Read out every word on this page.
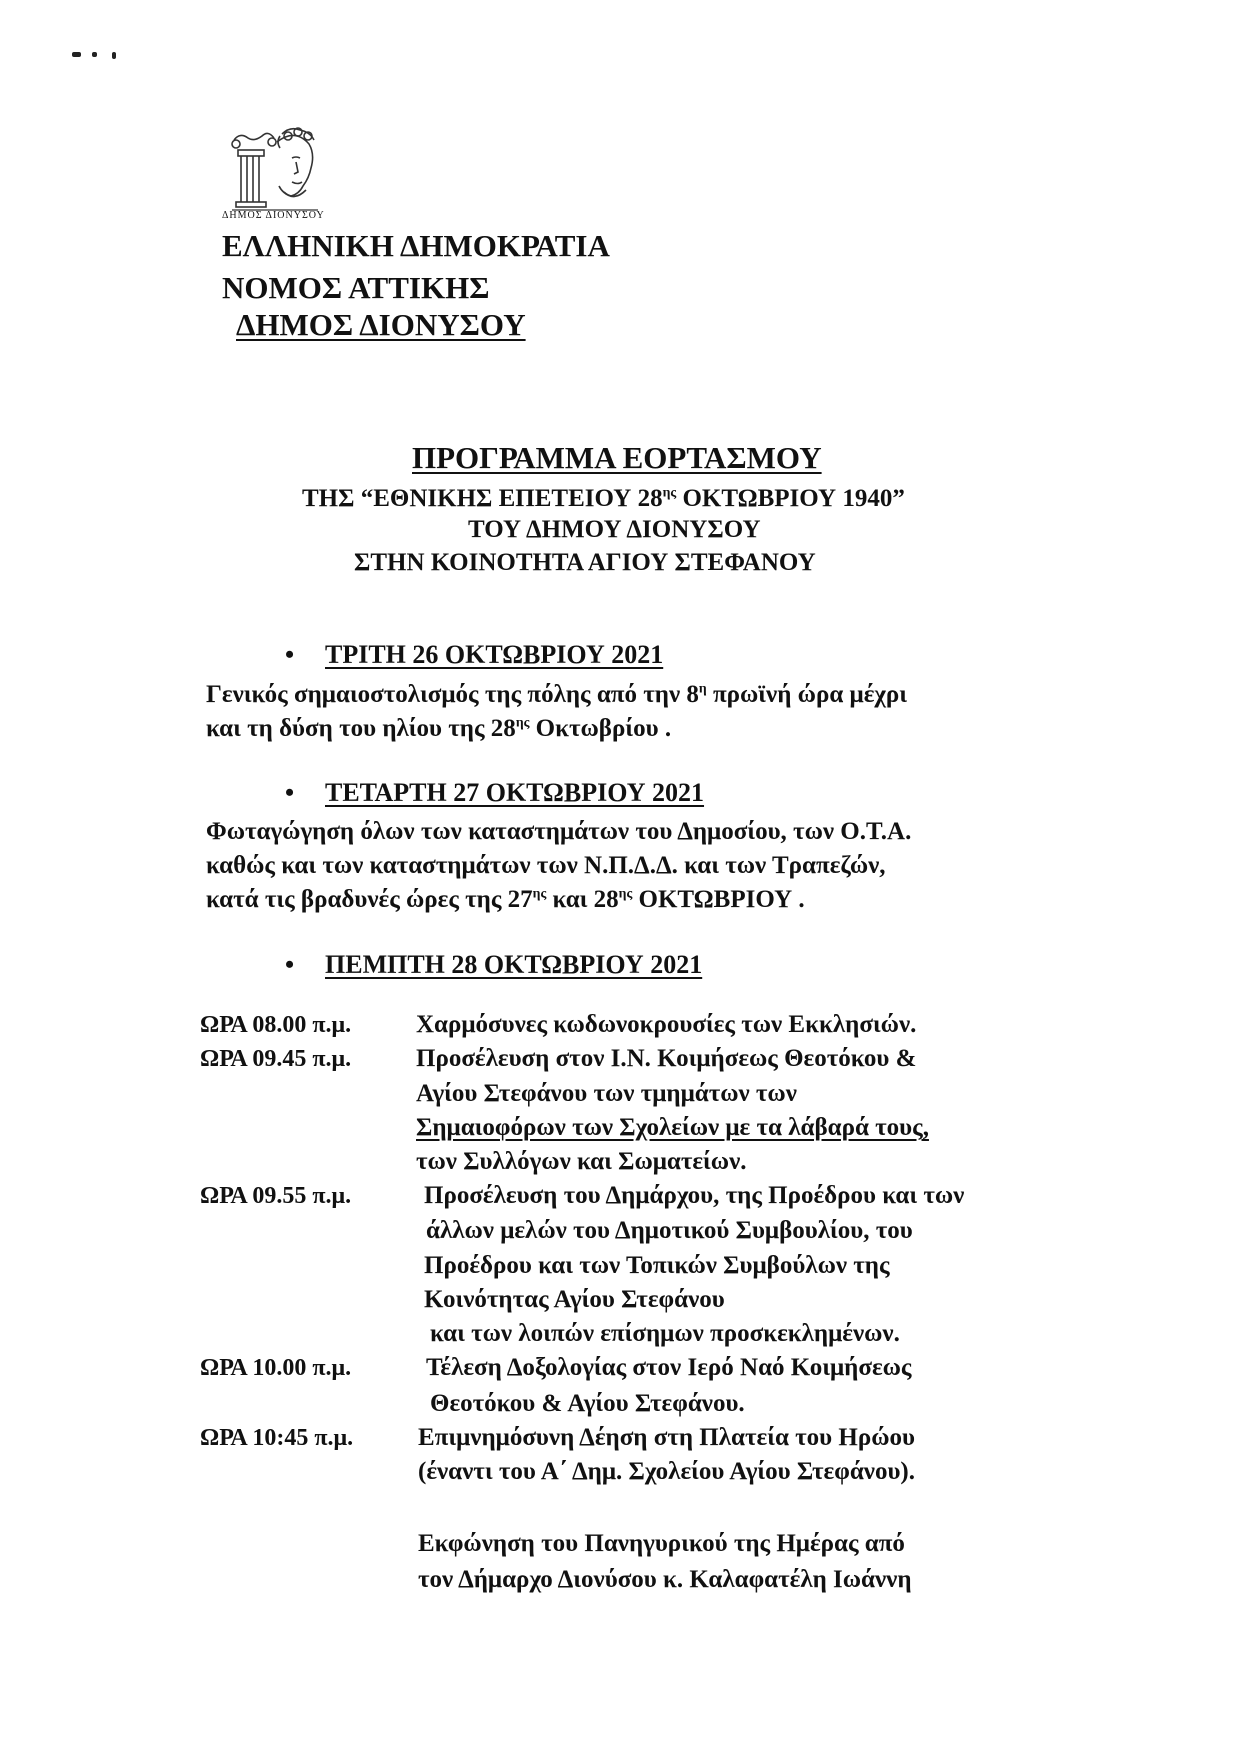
ΔΗΜΟΣ ΔΙΟΝΥΣΟΥ
ΕΛΛΗΝΙΚΗ ΔΗΜΟΚΡΑΤΙΑ
ΝΟΜΟΣ ΑΤΤΙΚΗΣ
ΔΗΜΟΣ ΔΙΟΝΥΣΟΥ
ΠΡΟΓΡΑΜΜΑ ΕΟΡΤΑΣΜΟΥ
ΤΗΣ “ΕΘΝΙΚΗΣ ΕΠΕΤΕΙΟΥ $28^{\eta\varsigma}$ ΟΚΤΩΒΡΙΟΥ 1940”
ΤΟΥ ΔΗΜΟΥ ΔΙΟΝΥΣΟΥ
ΣΤΗΝ ΚΟΙΝΟΤΗΤΑ ΑΓΙΟΥ ΣΤΕΦΑΝΟΥ
• ΤΡΙΤΗ 26 ΟΚΤΩΒΡΙΟΥ 2021
Γενικός σημαιοστολισμός της πόλης από την $8^\eta$ πρωϊνή ώρα μέχρι
και τη δύση του ηλίου της $28^{\eta\varsigma}$ Οκτωβρίου .
• ΤΕΤΑΡΤΗ 27 ΟΚΤΩΒΡΙΟΥ 2021
Φωταγώγηση όλων των καταστημάτων του Δημοσίου, των Ο.Τ.Α.
καθώς και των καταστημάτων των Ν.Π.Δ.Δ. και των Τραπεζών,
κατά τις βραδυνές ώρες της $27^{\eta\varsigma}$ και $28^{\eta\varsigma}$ ΟΚΤΩΒΡΙΟΥ .
• ΠΕΜΠΤΗ 28 ΟΚΤΩΒΡΙΟΥ 2021
ΩΡΑ 08.00 π.μ.	Χαρμόσυνες κωδωνοκρουσίες των Εκκλησιών.
ΩΡΑ 09.45 π.μ.	Προσέλευση στον Ι.Ν. Κοιμήσεως Θεοτόκου &
Αγίου Στεφάνου των τμημάτων των
Σημαιοφόρων των Σχολείων με τα λάβαρά τους,
των Συλλόγων και Σωματείων.
ΩΡΑ 09.55 π.μ.	Προσέλευση του Δημάρχου, της Προέδρου και των
άλλων μελών του Δημοτικού Συμβουλίου, του
Προέδρου και των Τοπικών Συμβούλων της
Κοινότητας Αγίου Στεφάνου
και των λοιπών επίσημων προσκεκλημένων.
ΩΡΑ 10.00 π.μ.	Τέλεση Δοξολογίας στον Ιερό Ναό Κοιμήσεως
Θεοτόκου & Αγίου Στεφάνου.
ΩΡΑ 10:45 π.μ.	Επιμνημόσυνη Δέηση στη Πλατεία του Ηρώου
(έναντι του Α΄ Δημ. Σχολείου Αγίου Στεφάνου).
Εκφώνηση του Πανηγυρικού της Ημέρας από
τον Δήμαρχο Διονύσου κ. Καλαφατέλη Ιωάννη
